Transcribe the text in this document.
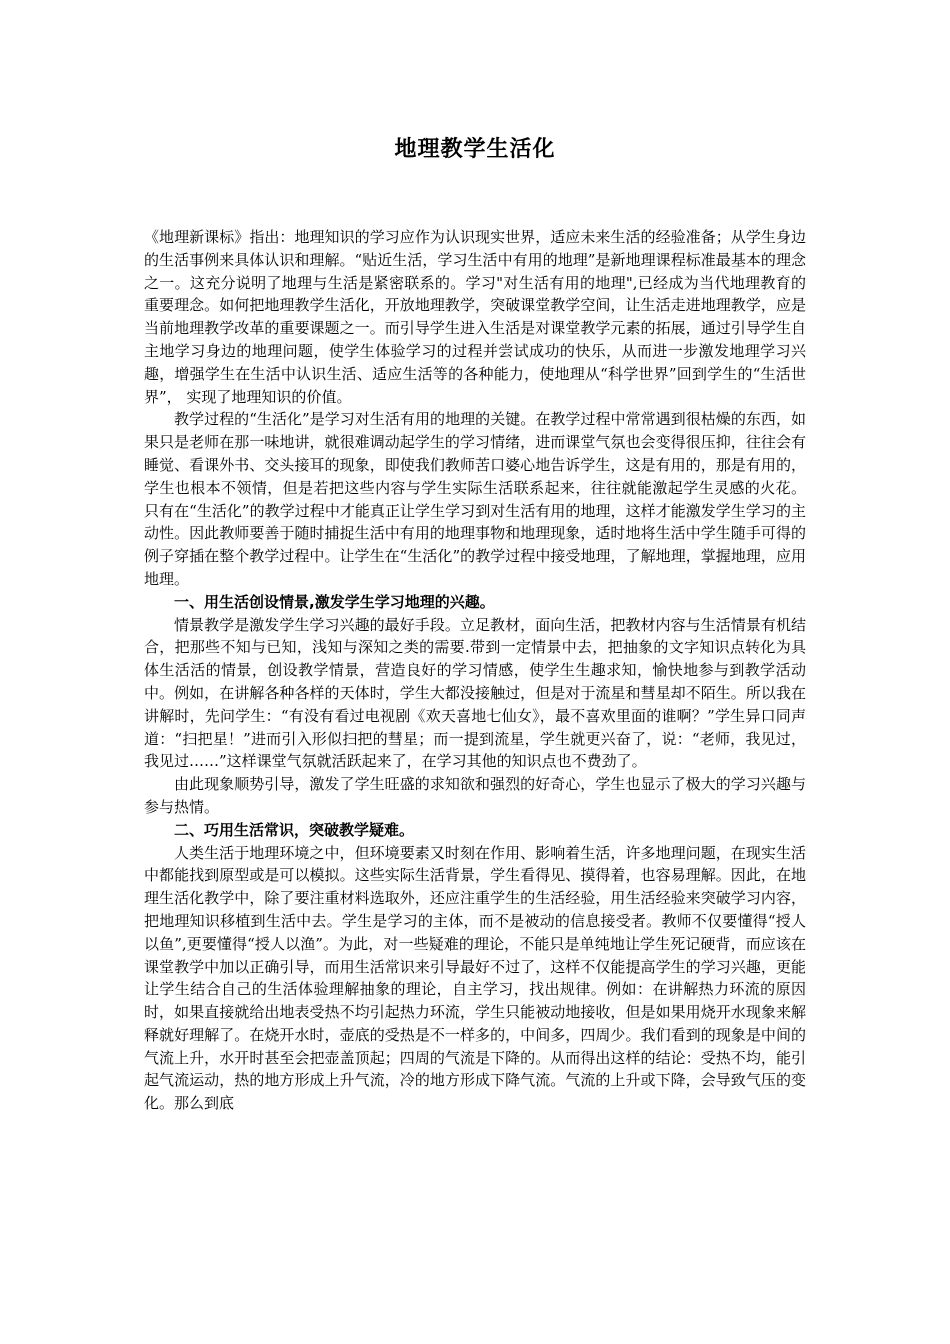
地理教学生活化

《地理新课标》指出：地理知识的学习应作为认识现实世界，适应未来生活的经验准备；从学生身边的生活事例来具体认识和理解。“贴近生活，学习生活中有用的地理”是新地理课程标准最基本的理念之一。这充分说明了地理与生活是紧密联系的。学习"对生活有用的地理",已经成为当代地理教育的重要理念。如何把地理教学生活化，开放地理教学，突破课堂教学空间，让生活走进地理教学，应是当前地理教学改革的重要课题之一。而引导学生进入生活是对课堂教学元素的拓展，通过引导学生自主地学习身边的地理问题，使学生体验学习的过程并尝试成功的快乐，从而进一步激发地理学习兴趣，增强学生在生活中认识生活、适应生活等的各种能力，使地理从“科学世界”回到学生的“生活世界”， 实现了地理知识的价值。

教学过程的“生活化”是学习对生活有用的地理的关键。在教学过程中常常遇到很枯燥的东西，如果只是老师在那一味地讲，就很难调动起学生的学习情绪，进而课堂气氛也会变得很压抑，往往会有睡觉、看课外书、交头接耳的现象，即使我们教师苦口婆心地告诉学生，这是有用的，那是有用的，学生也根本不领情，但是若把这些内容与学生实际生活联系起来，往往就能激起学生灵感的火花。 只有在“生活化”的教学过程中才能真正让学生学习到对生活有用的地理，这样才能激发学生学习的主动性。因此教师要善于随时捕捉生活中有用的地理事物和地理现象，适时地将生活中学生随手可得的例子穿插在整个教学过程中。让学生在“生活化”的教学过程中接受地理，了解地理，掌握地理，应用地理。

一、用生活创设情景,激发学生学习地理的兴趣。

情景教学是激发学生学习兴趣的最好手段。立足教材，面向生活，把教材内容与生活情景有机结合，把那些不知与已知，浅知与深知之类的需要.带到一定情景中去，把抽象的文字知识点转化为具体生活活的情景，创设教学情景，营造良好的学习情感，使学生生趣求知，愉快地参与到教学活动中。例如，在讲解各种各样的天体时，学生大都没接触过，但是对于流星和彗星却不陌生。所以我在讲解时，先问学生：“有没有看过电视剧《欢天喜地七仙女》，最不喜欢里面的谁啊？”学生异口同声道：“扫把星！”进而引入形似扫把的彗星；而一提到流星，学生就更兴奋了，说：“老师，我见过，我见过……”这样课堂气氛就活跃起来了，在学习其他的知识点也不费劲了。

由此现象顺势引导，激发了学生旺盛的求知欲和强烈的好奇心，学生也显示了极大的学习兴趣与参与热情。

二、巧用生活常识，突破教学疑难。

人类生活于地理环境之中，但环境要素又时刻在作用、影响着生活，许多地理问题，在现实生活中都能找到原型或是可以模拟。这些实际生活背景，学生看得见、摸得着，也容易理解。因此，在地理生活化教学中，除了要注重材料选取外，还应注重学生的生活经验，用生活经验来突破学习内容，把地理知识移植到生活中去。学生是学习的主体，而不是被动的信息接受者。教师不仅要懂得“授人以鱼”,更要懂得“授人以渔”。为此，对一些疑难的理论，不能只是单纯地让学生死记硬背，而应该在课堂教学中加以正确引导，而用生活常识来引导最好不过了，这样不仅能提高学生的学习兴趣，更能让学生结合自己的生活体验理解抽象的理论，自主学习，找出规律。例如：在讲解热力环流的原因时，如果直接就给出地表受热不均引起热力环流，学生只能被动地接收，但是如果用烧开水现象来解释就好理解了。在烧开水时，壶底的受热是不一样多的，中间多，四周少。我们看到的现象是中间的气流上升，水开时甚至会把壶盖顶起；四周的气流是下降的。从而得出这样的结论：受热不均，能引起气流运动，热的地方形成上升气流，冷的地方形成下降气流。气流的上升或下降，会导致气压的变化。那么到底
